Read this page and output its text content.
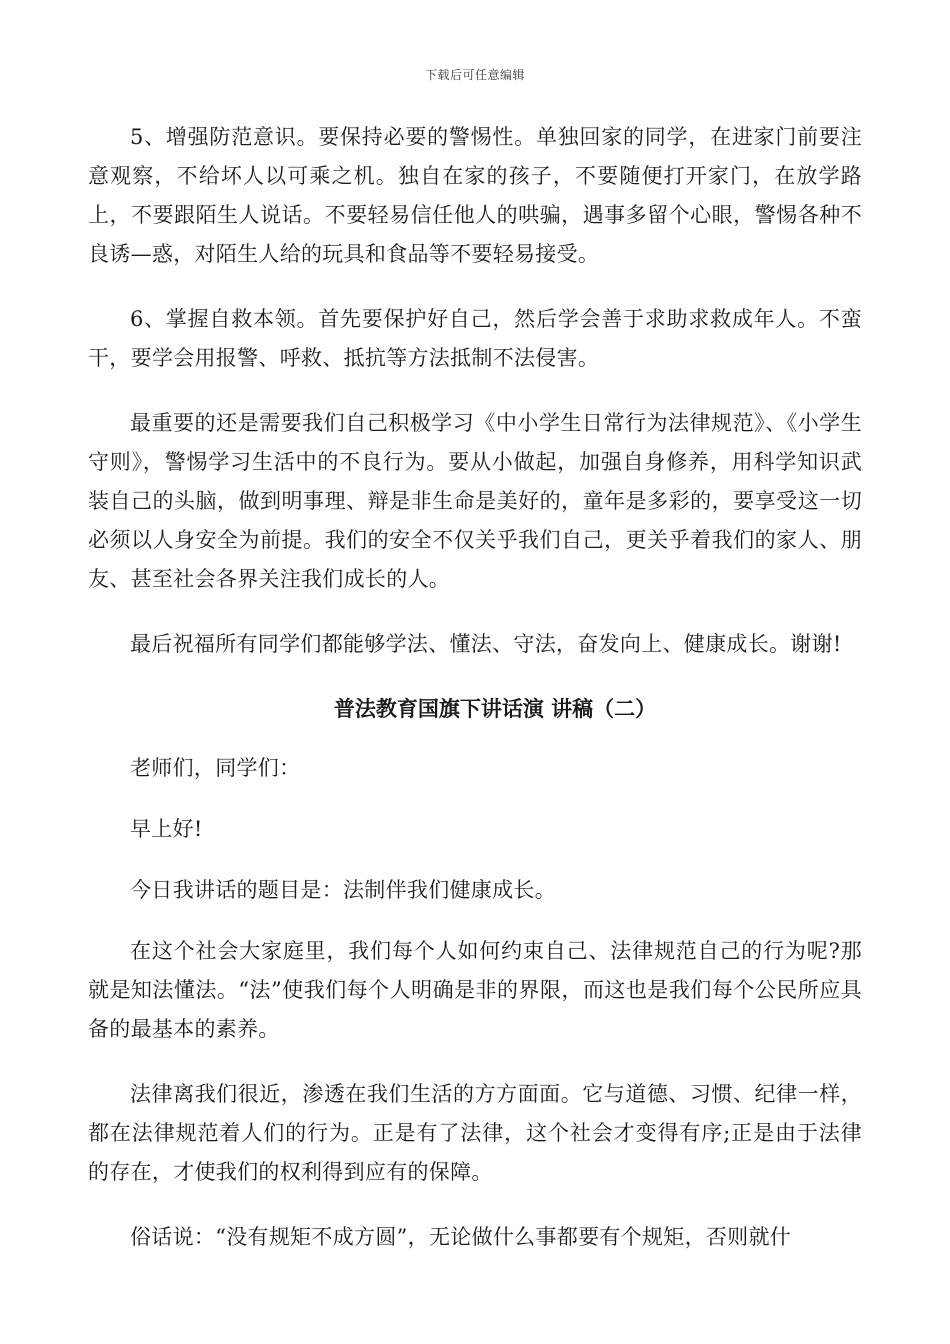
下载后可任意编辑

5、增强防范意识。要保持必要的警惕性。单独回家的同学，在进家门前要注意观察，不给坏人以可乘之机。独自在家的孩子，不要随便打开家门，在放学路上，不要跟陌生人说话。不要轻易信任他人的哄骗，遇事多留个心眼，警惕各种不良诱—惑，对陌生人给的玩具和食品等不要轻易接受。

6、掌握自救本领。首先要保护好自己，然后学会善于求助求救成年人。不蛮干，要学会用报警、呼救、抵抗等方法抵制不法侵害。

最重要的还是需要我们自己积极学习《中小学生日常行为法律规范》、《小学生守则》，警惕学习生活中的不良行为。要从小做起，加强自身修养，用科学知识武装自己的头脑，做到明事理、辩是非生命是美好的，童年是多彩的，要享受这一切必须以人身安全为前提。我们的安全不仅关乎我们自己，更关乎着我们的家人、朋友、甚至社会各界关注我们成长的人。

最后祝福所有同学们都能够学法、懂法、守法，奋发向上、健康成长。谢谢!

普法教育国旗下讲话演 讲稿（二）

老师们，同学们：

早上好!

今日我讲话的题目是：法制伴我们健康成长。

在这个社会大家庭里，我们每个人如何约束自己、法律规范自己的行为呢?那就是知法懂法。“法”使我们每个人明确是非的界限，而这也是我们每个公民所应具备的最基本的素养。

法律离我们很近，渗透在我们生活的方方面面。它与道德、习惯、纪律一样，都在法律规范着人们的行为。正是有了法律，这个社会才变得有序;正是由于法律的存在，才使我们的权利得到应有的保障。

俗话说：“没有规矩不成方圆”，无论做什么事都要有个规矩，否则就什
